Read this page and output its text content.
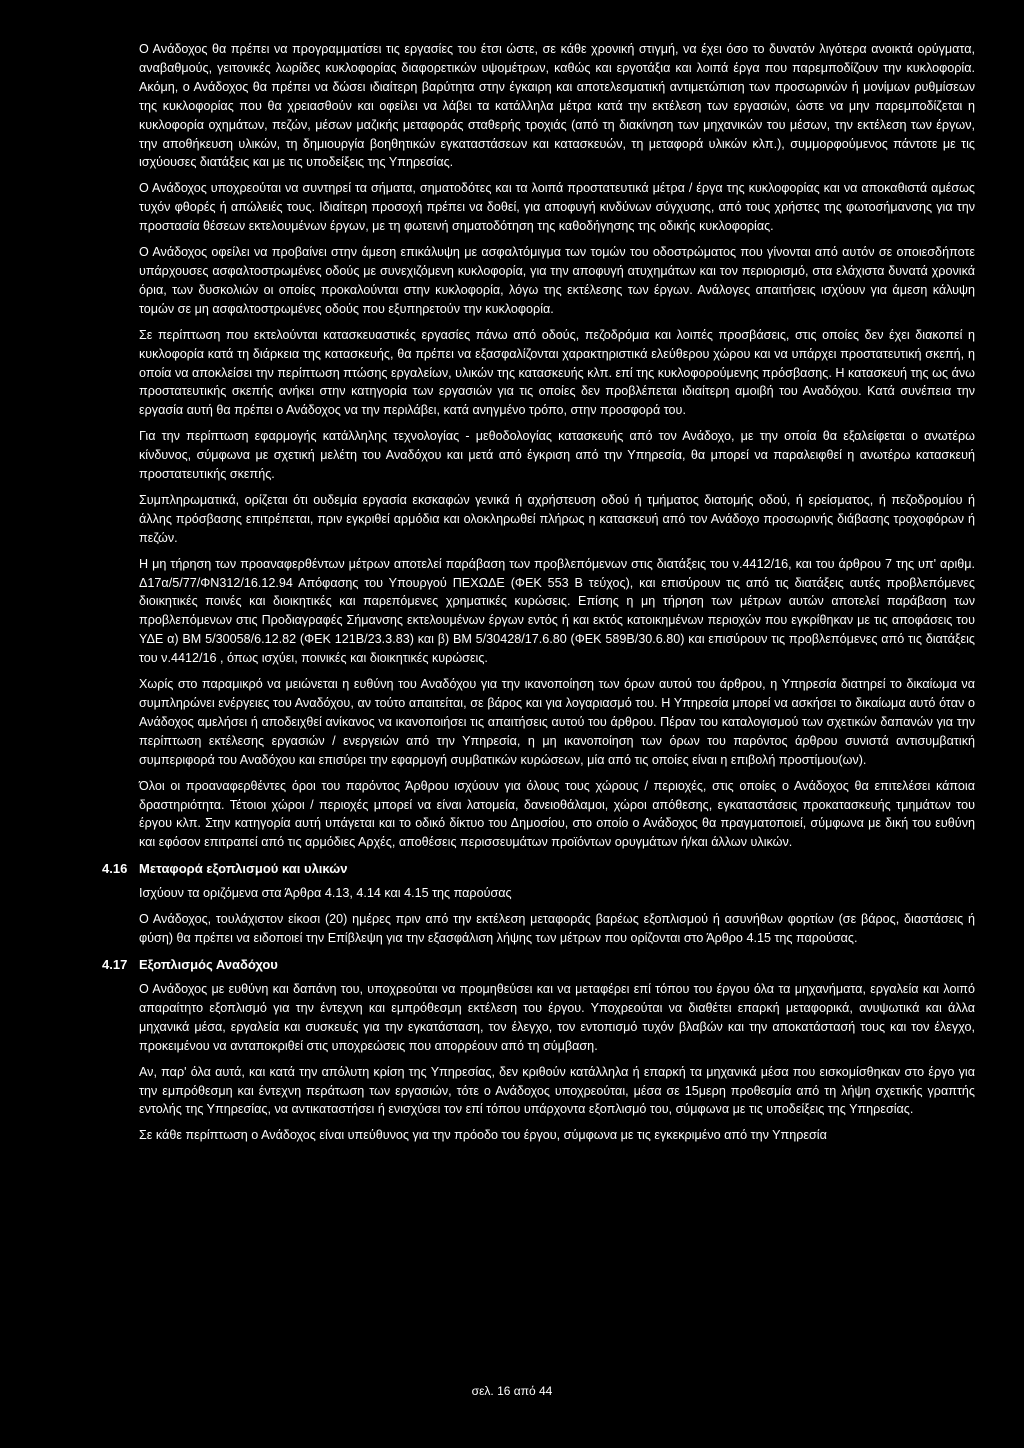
Ο Ανάδοχος θα πρέπει να προγραμματίσει τις εργασίες του έτσι ώστε, σε κάθε χρονική στιγμή, να έχει όσο το δυνατόν λιγότερα ανοικτά ορύγματα, αναβαθμούς, γειτονικές λωρίδες κυκλοφορίας διαφορετικών υψομέτρων, καθώς και εργοτάξια και λοιπά έργα που παρεμποδίζουν την κυκλοφορία. Ακόμη, ο Ανάδοχος θα πρέπει να δώσει ιδιαίτερη βαρύτητα στην έγκαιρη και αποτελεσματική αντιμετώπιση των προσωρινών ή μονίμων ρυθμίσεων της κυκλοφορίας που θα χρειασθούν και οφείλει να λάβει τα κατάλληλα μέτρα κατά την εκτέλεση των εργασιών, ώστε να μην παρεμποδίζεται η κυκλοφορία οχημάτων, πεζών, μέσων μαζικής μεταφοράς σταθερής τροχιάς (από τη διακίνηση των μηχανικών του μέσων, την εκτέλεση των έργων, την αποθήκευση υλικών, τη δημιουργία βοηθητικών εγκαταστάσεων και κατασκευών, τη μεταφορά υλικών κλπ.), συμμορφούμενος πάντοτε με τις ισχύουσες διατάξεις και με τις υποδείξεις της Υπηρεσίας.

Ο Ανάδοχος υποχρεούται να συντηρεί τα σήματα, σηματοδότες και τα λοιπά προστατευτικά μέτρα / έργα της κυκλοφορίας και να αποκαθιστά αμέσως τυχόν φθορές ή απώλειές τους. Ιδιαίτερη προσοχή πρέπει να δοθεί, για αποφυγή κινδύνων σύγχυσης, από τους χρήστες της φωτοσήμανσης για την προστασία θέσεων εκτελουμένων έργων, με τη φωτεινή σηματοδότηση της καθοδήγησης της οδικής κυκλοφορίας.

Ο Ανάδοχος οφείλει να προβαίνει στην άμεση επικάλυψη με ασφαλτόμιγμα των τομών του οδοστρώματος που γίνονται από αυτόν σε οποιεσδήποτε υπάρχουσες ασφαλτοστρωμένες οδούς με συνεχιζόμενη κυκλοφορία, για την αποφυγή ατυχημάτων και τον περιορισμό, στα ελάχιστα δυνατά χρονικά όρια, των δυσκολιών οι οποίες προκαλούνται στην κυκλοφορία, λόγω της εκτέλεσης των έργων. Ανάλογες απαιτήσεις ισχύουν για άμεση κάλυψη τομών σε μη ασφαλτοστρωμένες οδούς που εξυπηρετούν την κυκλοφορία.

Σε περίπτωση που εκτελούνται κατασκευαστικές εργασίες πάνω από οδούς, πεζοδρόμια και λοιπές προσβάσεις, στις οποίες δεν έχει διακοπεί η κυκλοφορία κατά τη διάρκεια της κατασκευής, θα πρέπει να εξασφαλίζονται χαρακτηριστικά ελεύθερου χώρου και να υπάρχει προστατευτική σκεπή, η οποία να αποκλείσει την περίπτωση πτώσης εργαλείων, υλικών της κατασκευής κλπ. επί της κυκλοφορούμενης πρόσβασης. Η κατασκευή της ως άνω προστατευτικής σκεπής ανήκει στην κατηγορία των εργασιών για τις οποίες δεν προβλέπεται ιδιαίτερη αμοιβή του Αναδόχου. Κατά συνέπεια την εργασία αυτή θα πρέπει ο Ανάδοχος να την περιλάβει, κατά ανηγμένο τρόπο, στην προσφορά του.

Για την περίπτωση εφαρμογής κατάλληλης τεχνολογίας - μεθοδολογίας κατασκευής από τον Ανάδοχο, με την οποία θα εξαλείφεται ο ανωτέρω κίνδυνος, σύμφωνα με σχετική μελέτη του Αναδόχου και μετά από έγκριση από την Υπηρεσία, θα μπορεί να παραλειφθεί η ανωτέρω κατασκευή προστατευτικής σκεπής.

Συμπληρωματικά, ορίζεται ότι ουδεμία εργασία εκσκαφών γενικά ή αχρήστευση οδού ή τμήματος διατομής οδού, ή ερείσματος, ή πεζοδρομίου ή άλλης πρόσβασης επιτρέπεται, πριν εγκριθεί αρμόδια και ολοκληρωθεί πλήρως η κατασκευή από τον Ανάδοχο προσωρινής διάβασης τροχοφόρων ή πεζών.

Η μη τήρηση των προαναφερθέντων μέτρων αποτελεί παράβαση των προβλεπόμενων στις διατάξεις του ν.4412/16, και του άρθρου 7 της υπ' αριθμ. Δ17α/5/77/ΦΝ312/16.12.94 Απόφασης του Υπουργού ΠΕΧΩΔΕ (ΦΕΚ 553 Β τεύχος), και επισύρουν τις από τις διατάξεις αυτές προβλεπόμενες διοικητικές ποινές και διοικητικές και παρεπόμενες χρηματικές κυρώσεις. Επίσης η μη τήρηση των μέτρων αυτών αποτελεί παράβαση των προβλεπόμενων στις Προδιαγραφές Σήμανσης εκτελουμένων έργων εντός ή και εκτός κατοικημένων περιοχών που εγκρίθηκαν με τις αποφάσεις του ΥΔΕ α) ΒΜ 5/30058/6.12.82 (ΦΕΚ 121Β/23.3.83) και β) ΒΜ 5/30428/17.6.80 (ΦΕΚ 589Β/30.6.80) και επισύρουν τις προβλεπόμενες από τις διατάξεις του ν.4412/16 , όπως ισχύει, ποινικές και διοικητικές κυρώσεις.

Χωρίς στο παραμικρό να μειώνεται η ευθύνη του Αναδόχου για την ικανοποίηση των όρων αυτού του άρθρου, η Υπηρεσία διατηρεί το δικαίωμα να συμπληρώνει ενέργειες του Αναδόχου, αν τούτο απαιτείται, σε βάρος και για λογαριασμό του. Η Υπηρεσία μπορεί να ασκήσει το δικαίωμα αυτό όταν ο Ανάδοχος αμελήσει ή αποδειχθεί ανίκανος να ικανοποιήσει τις απαιτήσεις αυτού του άρθρου. Πέραν του καταλογισμού των σχετικών δαπανών για την περίπτωση εκτέλεσης εργασιών / ενεργειών από την Υπηρεσία, η μη ικανοποίηση των όρων του παρόντος άρθρου συνιστά αντισυμβατική συμπεριφορά του Αναδόχου και επισύρει την εφαρμογή συμβατικών κυρώσεων, μία από τις οποίες είναι η επιβολή προστίμου(ων).

Όλοι οι προαναφερθέντες όροι του παρόντος Άρθρου ισχύουν για όλους τους χώρους / περιοχές, στις οποίες ο Ανάδοχος θα επιτελέσει κάποια δραστηριότητα. Τέτοιοι χώροι / περιοχές μπορεί να είναι λατομεία, δανειοθάλαμοι, χώροι απόθεσης, εγκαταστάσεις προκατασκευής τμημάτων του έργου κλπ. Στην κατηγορία αυτή υπάγεται και το οδικό δίκτυο του Δημοσίου, στο οποίο ο Ανάδοχος θα πραγματοποιεί, σύμφωνα με δική του ευθύνη και εφόσον επιτραπεί από τις αρμόδιες Αρχές, αποθέσεις περισσευμάτων προϊόντων ορυγμάτων ή/και άλλων υλικών.

4.16 Μεταφορά εξοπλισμού και υλικών

Ισχύουν τα οριζόμενα στα Άρθρα 4.13, 4.14 και 4.15 της παρούσας

Ο Ανάδοχος, τουλάχιστον είκοσι (20) ημέρες πριν από την εκτέλεση μεταφοράς βαρέως εξοπλισμού ή ασυνήθων φορτίων (σε βάρος, διαστάσεις ή φύση) θα πρέπει να ειδοποιεί την Επίβλεψη για την εξασφάλιση λήψης των μέτρων που ορίζονται στο Άρθρο 4.15 της παρούσας.

4.17 Εξοπλισμός Αναδόχου

Ο Ανάδοχος με ευθύνη και δαπάνη του, υποχρεούται να προμηθεύσει και να μεταφέρει επί τόπου του έργου όλα τα μηχανήματα, εργαλεία και λοιπό απαραίτητο εξοπλισμό για την έντεχνη και εμπρόθεσμη εκτέλεση του έργου. Υποχρεούται να διαθέτει επαρκή μεταφορικά, ανυψωτικά και άλλα μηχανικά μέσα, εργαλεία και συσκευές για την εγκατάσταση, τον έλεγχο, τον εντοπισμό τυχόν βλαβών και την αποκατάστασή τους και τον έλεγχο, προκειμένου να ανταποκριθεί στις υποχρεώσεις που απορρέουν από τη σύμβαση.

Αν, παρ' όλα αυτά, και κατά την απόλυτη κρίση της Υπηρεσίας, δεν κριθούν κατάλληλα ή επαρκή τα μηχανικά μέσα που εισκομίσθηκαν στο έργο για την εμπρόθεσμη και έντεχνη περάτωση των εργασιών, τότε ο Ανάδοχος υποχρεούται, μέσα σε 15μερη προθεσμία από τη λήψη σχετικής γραπτής εντολής της Υπηρεσίας, να αντικαταστήσει ή ενισχύσει τον επί τόπου υπάρχοντα εξοπλισμό του, σύμφωνα με τις υποδείξεις της Υπηρεσίας.

Σε κάθε περίπτωση ο Ανάδοχος είναι υπεύθυνος για την πρόοδο του έργου, σύμφωνα με τις εγκεκριμένο από την Υπηρεσία

σελ. 16 από 44
